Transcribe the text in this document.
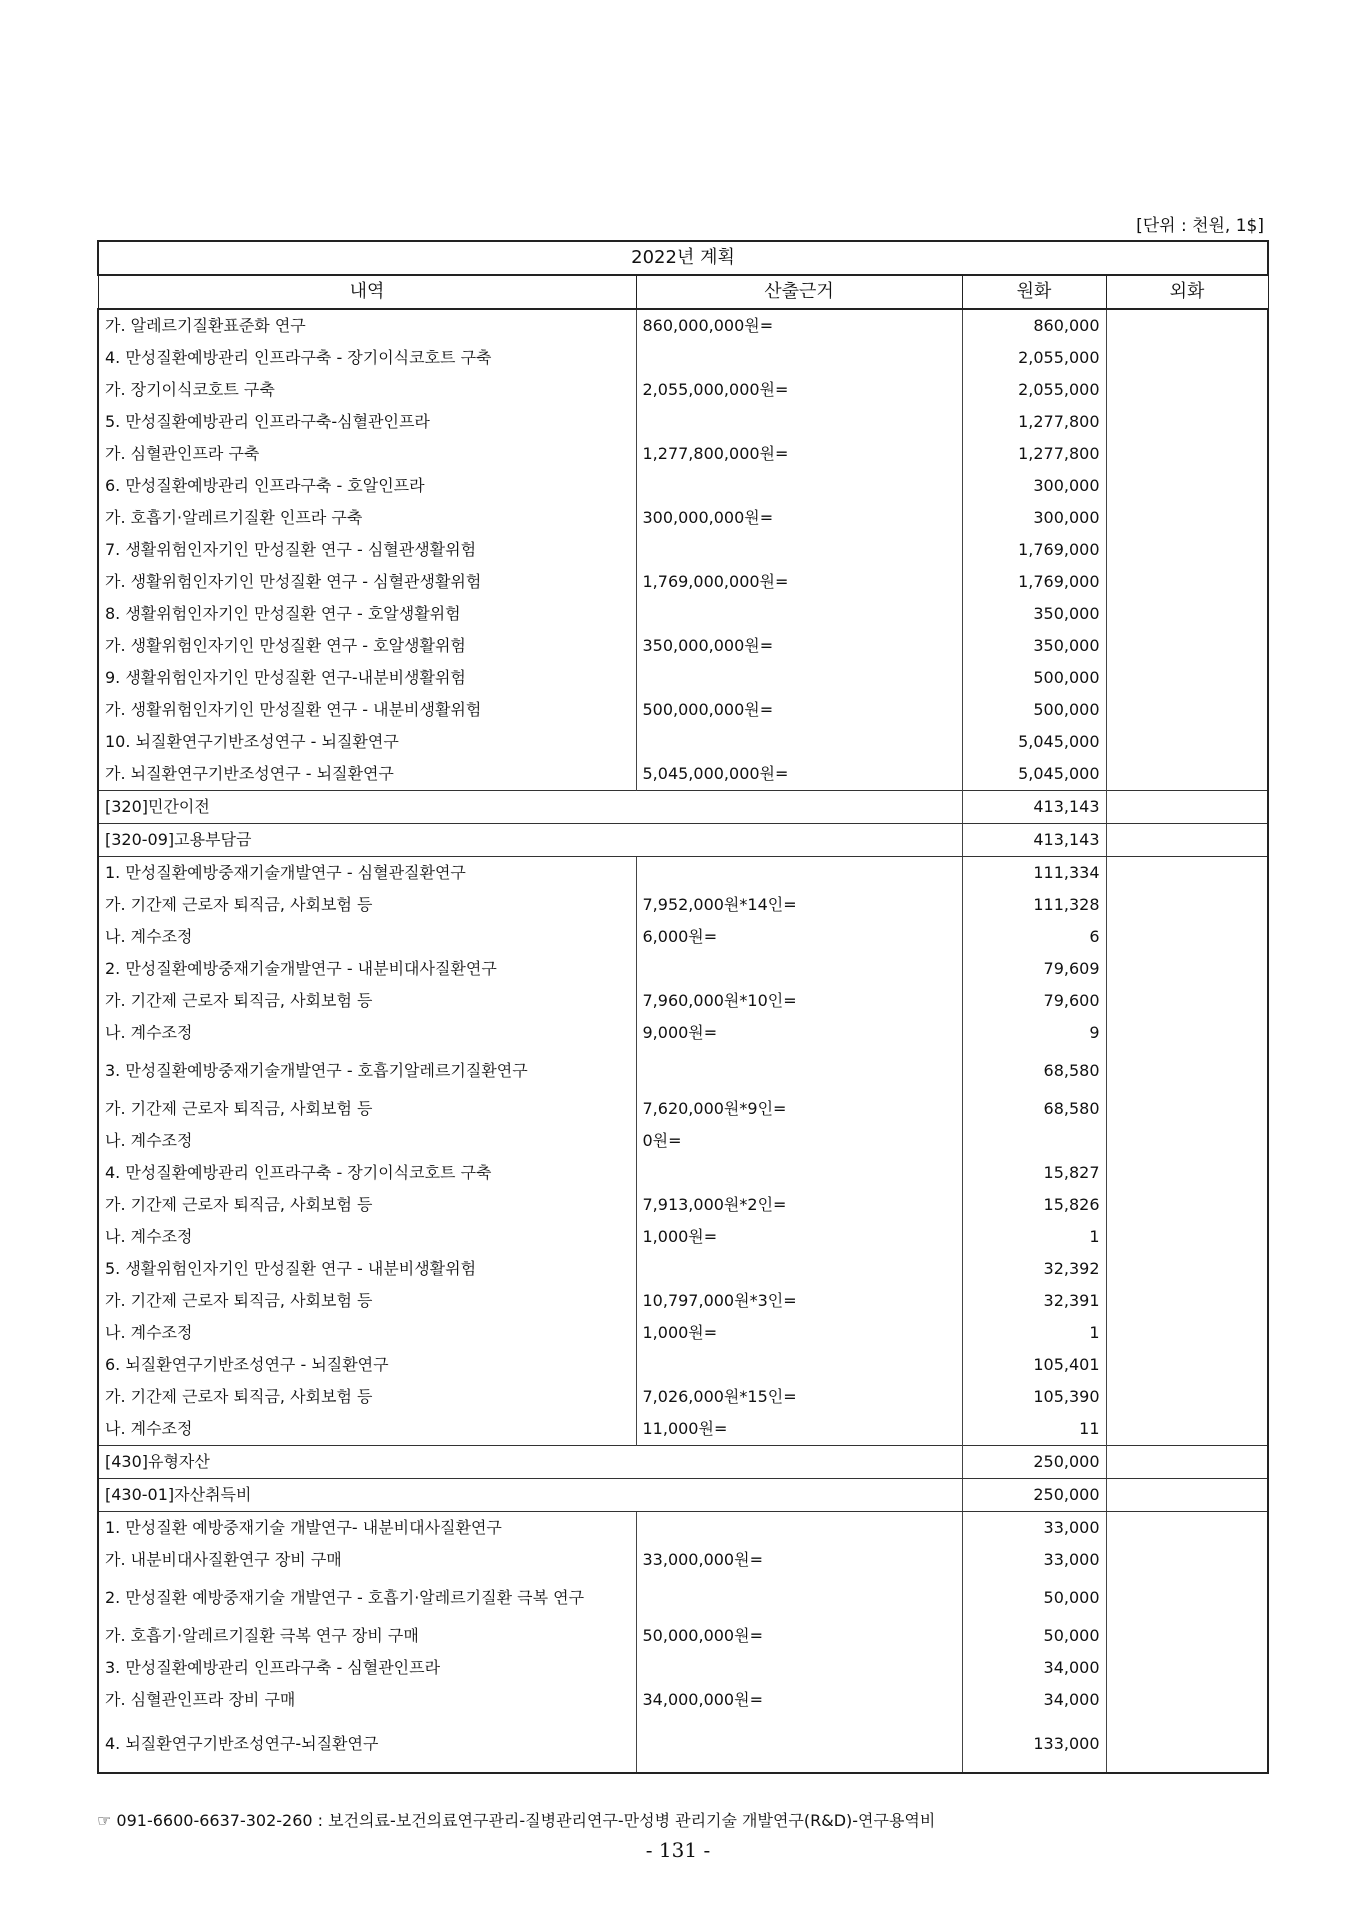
[단위 : 천원, 1$]
2022년 계획			
내역	산출근거	원화	외화
가. 알레르기질환표준화 연구	860,000,000원=	860,000	
4. 만성질환예방관리 인프라구축 - 장기이식코호트 구축		2,055,000	
가. 장기이식코호트 구축	2,055,000,000원=	2,055,000	
5. 만성질환예방관리 인프라구축-심혈관인프라		1,277,800	
가. 심혈관인프라 구축	1,277,800,000원=	1,277,800	
6. 만성질환예방관리 인프라구축 - 호알인프라		300,000	
가. 호흡기·알레르기질환 인프라 구축	300,000,000원=	300,000	
7. 생활위험인자기인 만성질환 연구 - 심혈관생활위험		1,769,000	
가. 생활위험인자기인 만성질환 연구 - 심혈관생활위험	1,769,000,000원=	1,769,000	
8. 생활위험인자기인 만성질환 연구 - 호알생활위험		350,000	
가. 생활위험인자기인 만성질환 연구 - 호알생활위험	350,000,000원=	350,000	
9. 생활위험인자기인 만성질환 연구-내분비생활위험		500,000	
가. 생활위험인자기인 만성질환 연구 - 내분비생활위험	500,000,000원=	500,000	
10. 뇌질환연구기반조성연구 - 뇌질환연구		5,045,000	
가. 뇌질환연구기반조성연구 - 뇌질환연구	5,045,000,000원=	5,045,000	
[320]민간이전		413,143	
[320-09]고용부담금		413,143	
1. 만성질환예방중재기술개발연구 - 심혈관질환연구		111,334	
가. 기간제 근로자 퇴직금, 사회보험 등	7,952,000원*14인=	111,328	
나. 계수조정	6,000원=	6	
2. 만성질환예방중재기술개발연구 - 내분비대사질환연구		79,609	
가. 기간제 근로자 퇴직금, 사회보험 등	7,960,000원*10인=	79,600	
나. 계수조정	9,000원=	9	
3. 만성질환예방중재기술개발연구 - 호흡기알레르기질환연구		68,580	
가. 기간제 근로자 퇴직금, 사회보험 등	7,620,000원*9인=	68,580	
나. 계수조정	0원=		
4. 만성질환예방관리 인프라구축 - 장기이식코호트 구축		15,827	
가. 기간제 근로자 퇴직금, 사회보험 등	7,913,000원*2인=	15,826	
나. 계수조정	1,000원=	1	
5. 생활위험인자기인 만성질환 연구 - 내분비생활위험		32,392	
가. 기간제 근로자 퇴직금, 사회보험 등	10,797,000원*3인=	32,391	
나. 계수조정	1,000원=	1	
6. 뇌질환연구기반조성연구 - 뇌질환연구		105,401	
가. 기간제 근로자 퇴직금, 사회보험 등	7,026,000원*15인=	105,390	
나. 계수조정	11,000원=	11	
[430]유형자산		250,000	
[430-01]자산취득비		250,000	
1. 만성질환 예방중재기술 개발연구- 내분비대사질환연구		33,000	
가. 내분비대사질환연구 장비 구매	33,000,000원=	33,000	
2. 만성질환 예방중재기술 개발연구 - 호흡기·알레르기질환 극복 연구		50,000	
가. 호흡기·알레르기질환 극복 연구 장비 구매	50,000,000원=	50,000	
3. 만성질환예방관리 인프라구축 - 심혈관인프라		34,000	
가. 심혈관인프라 장비 구매	34,000,000원=	34,000	
4. 뇌질환연구기반조성연구-뇌질환연구		133,000	
☞ 091-6600-6637-302-260 : 보건의료-보건의료연구관리-질병관리연구-만성병 관리기술 개발연구(R&D)-연구용역비
- 131 -
